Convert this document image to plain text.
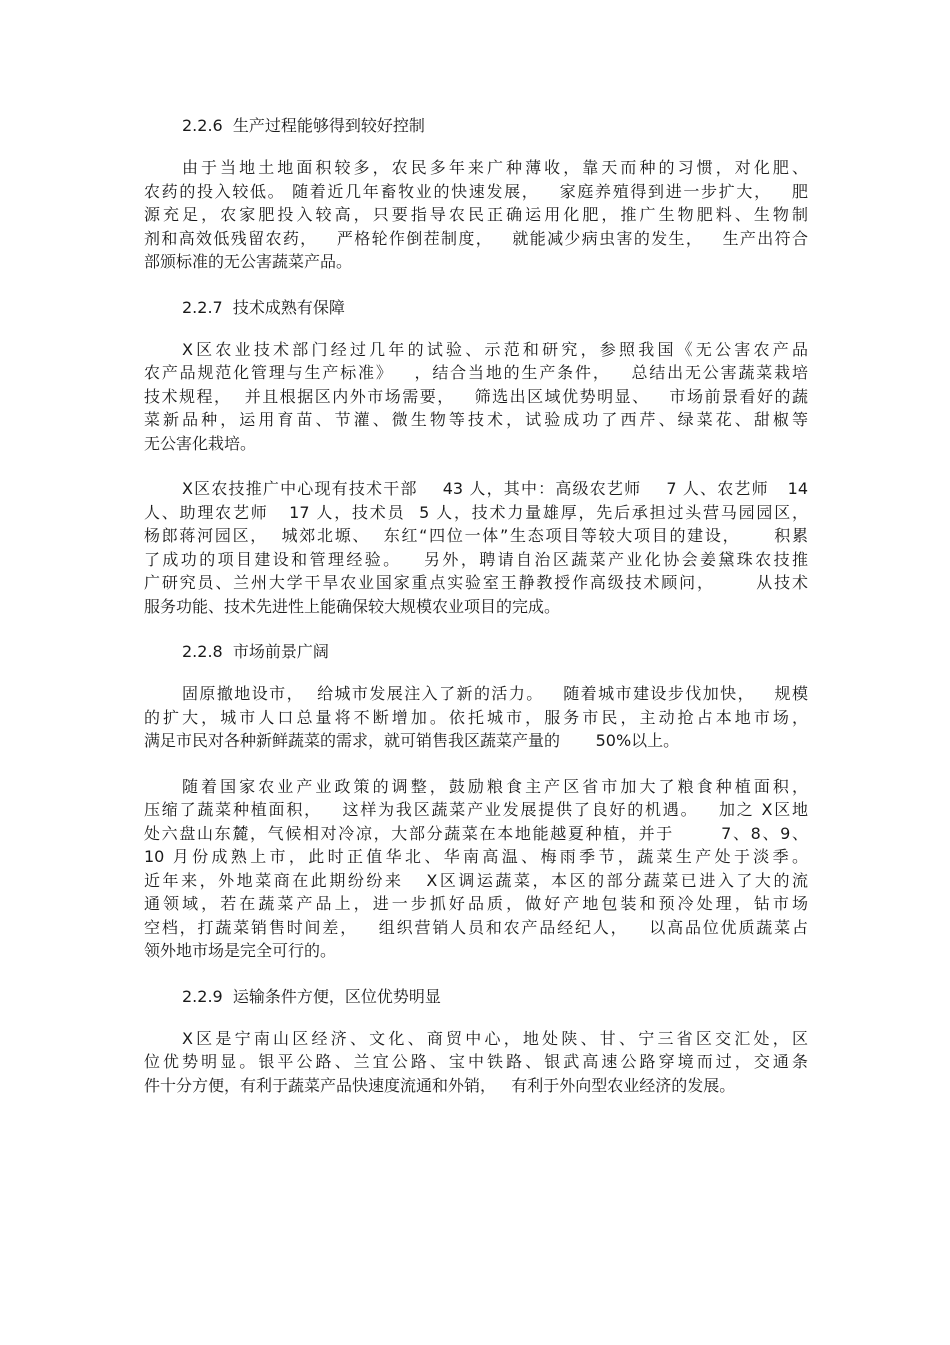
2.2.6  生产过程能够得到较好控制
由于当地土地面积较多，农民多年来广种薄收，靠天而种的习惯，对化肥、
农药的投入较低。 随着近几年畜牧业的快速发展，   家庭养殖得到进一步扩大，   肥
源充足，农家肥投入较高，只要指导农民正确运用化肥，推广生物肥料、生物制
剂和高效低残留农药，   严格轮作倒茬制度，   就能减少病虫害的发生，   生产出符合
部颁标准的无公害蔬菜产品。
2.2.7  技术成熟有保障
X区农业技术部门经过几年的试验、示范和研究，参照我国《无公害农产品
农产品规范化管理与生产标准》   ，结合当地的生产条件，   总结出无公害蔬菜栽培
技术规程，  并且根据区内外市场需要，   筛选出区域优势明显、   市场前景看好的蔬
菜新品种，运用育苗、节灌、微生物等技术，试验成功了西芹、绿菜花、甜椒等
无公害化栽培。
X区农技推广中心现有技术干部    43 人，其中：高级农艺师    7 人、农艺师   14
人、助理农艺师   17 人，技术员  5 人，技术力量雄厚，先后承担过头营马园园区，
杨郎蒋河园区，  城郊北塬、  东红“四位一体”生态项目等较大项目的建设，     积累
了成功的项目建设和管理经验。   另外，聘请自治区蔬菜产业化协会姜黛珠农技推
广研究员、兰州大学干旱农业国家重点实验室王静教授作高级技术顾问，      从技术
服务功能、技术先进性上能确保较大规模农业项目的完成。
2.2.8  市场前景广阔
固原撤地设市，  给城市发展注入了新的活力。   随着城市建设步伐加快，   规模
的扩大，城市人口总量将不断增加。依托城市，服务市民，主动抢占本地市场，
满足市民对各种新鲜蔬菜的需求，就可销售我区蔬菜产量的       50%以上。
随着国家农业产业政策的调整，鼓励粮食主产区省市加大了粮食种植面积，
压缩了蔬菜种植面积，   这样为我区蔬菜产业发展提供了良好的机遇。   加之 X区地
处六盘山东麓，气候相对冷凉，大部分蔬菜在本地能越夏种植，并于       7、8、9、
10 月份成熟上市，此时正值华北、华南高温、梅雨季节，蔬菜生产处于淡季。
近年来，外地菜商在此期纷纷来   X区调运蔬菜，本区的部分蔬菜已进入了大的流
通领域，若在蔬菜产品上，进一步抓好品质，做好产地包装和预冷处理，钻市场
空档，打蔬菜销售时间差，   组织营销人员和农产品经纪人，   以高品位优质蔬菜占
领外地市场是完全可行的。
2.2.9  运输条件方便，区位优势明显
X区是宁南山区经济、文化、商贸中心，地处陕、甘、宁三省区交汇处，区
位优势明显。银平公路、兰宜公路、宝中铁路、银武高速公路穿境而过，交通条
件十分方便，有利于蔬菜产品快速度流通和外销，   有利于外向型农业经济的发展。
